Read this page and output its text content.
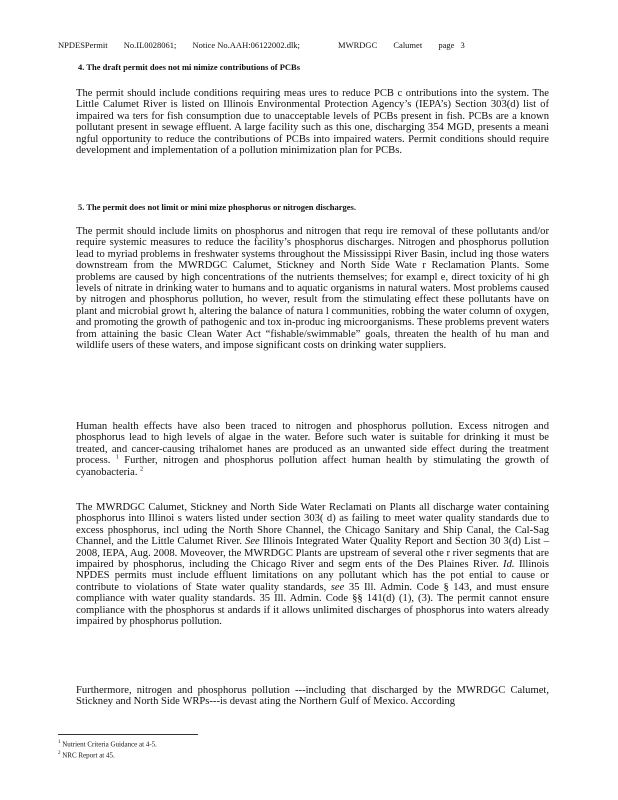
NPDESPermit No.IL0028061; Notice No.AAH:06122002.dlk;	MWRDGC Calumet page 3
4. The draft permit does not mi nimize contributions of PCBs

The permit should include conditions requiring meas ures to reduce PCB c ontributions into the system. The Little Calumet River is listed on Illinois Environmental Protection Agency’s (IEPA’s) Section 303(d) list of impaired wa ters for fish consumption due to unacceptable levels of PCBs present in fish. PCBs are a known pollutant present in sewage effluent. A large facility such as this one, discharging 354 MGD, presents a meani ngful opportunity to reduce the contributions of PCBs into impaired waters. Permit conditions should require development and implementation of a pollution minimization plan for PCBs.

5. The permit does not limit or mini mize phosphorus or nitrogen discharges.

The permit should include limits on phosphorus and nitrogen that requ ire removal of these pollutants and/or require systemic measures to reduce the facility’s phosphorus discharges. Nitrogen and phosphorus pollution lead to myriad problems in freshwater systems throughout the Mississippi River Basin, includ ing those waters downstream from the MWRDGC Calumet, Stickney and North Side Wate r Reclamation Plants. Some problems are caused by high concentrations of the nutrients themselves; for exampl e, direct toxicity of hi gh levels of nitrate in drinking water to humans and to aquatic organisms in natural waters. Most problems caused by nitrogen and phosphorus pollution, ho wever, result from the stimulating effect these pollutants have on plant and microbial growt h, altering the balance of natura l communities, robbing the water column of oxygen, and promoting the growth of pathogenic and tox in-produc ing microorganisms. These problems prevent waters from attaining the basic Clean Water Act “fishable/swimmable” goals, threaten the health of hu man and wildlife users of these waters, and impose significant costs on drinking water suppliers.

Human health effects have also been traced to nitrogen and phosphorus pollution. Excess nitrogen and phosphorus lead to high levels of algae in the water. Before such water is suitable for drinking it must be treated, and cancer-causing trihalomet hanes are produced as an unwanted side effect during the treatment process. $^1$ Further, nitrogen and phosphorus pollution affect human health by stimulating the growth of cyanobacteria. $^2$

The MWRDGC Calumet, Stickney and North Side Water Reclamati on Plants all discharge water containing phosphorus into Illinoi s waters listed under section 303( d) as failing to meet water quality standards due to excess phosphorus, incl uding the North Shore Channel, the Chicago Sanitary and Ship Canal, the Cal-Sag Channel, and the Little Calumet River. See Illinois Integrated Water Quality Report and Section 30 3(d) List – 2008, IEPA, Aug. 2008. Moveover, the MWRDGC Plants are upstream of several othe r river segments that are impaired by phosphorus, including the Chicago River and segm ents of the Des Plaines River. Id. Illinois NPDES permits must include effluent limitations on any pollutant which has the pot ential to cause or contribute to violations of State water quality standards, see 35 Ill. Admin. Code § 143, and must ensure compliance with water quality standards. 35 Ill. Admin. Code §§ 141(d) (1), (3). The permit cannot ensure compliance with the phosphorus st andards if it allows unlimited discharges of phosphorus into waters already impaired by phosphorus pollution.

Furthermore, nitrogen and phosphorus pollution ---including that discharged by the MWRDGC Calumet, Stickney and North Side WRPs---is devast ating the Northern Gulf of Mexico. According

$^1$ Nutrient Criteria Guidance at 4-5.
$^2$ NRC Report at 45.
